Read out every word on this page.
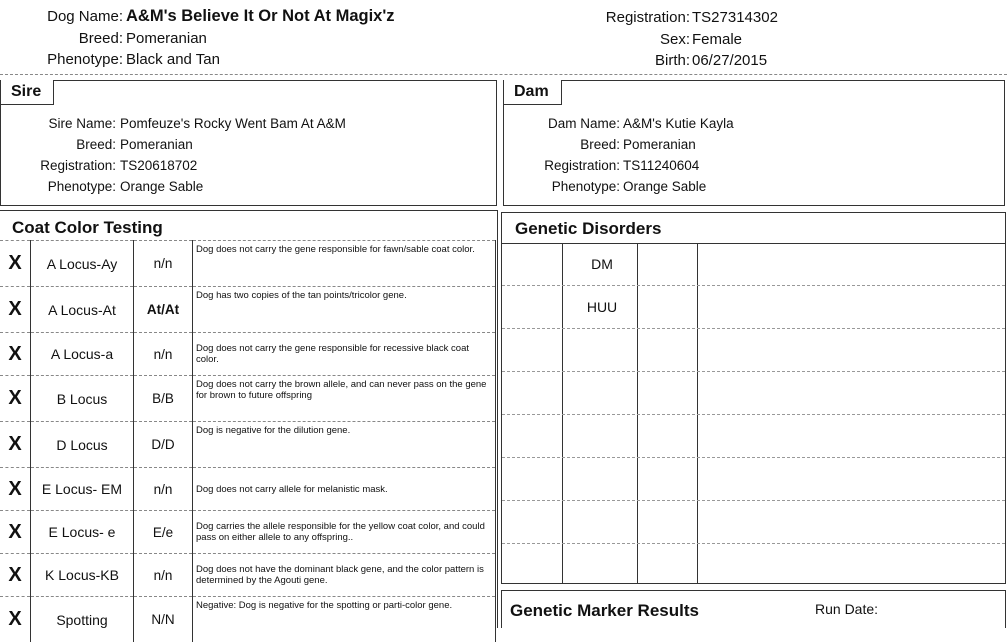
Dog Name: A&M's Believe It Or Not At Magix'z
Breed: Pomeranian
Phenotype: Black and Tan
Registration: TS27314302
Sex: Female
Birth: 06/27/2015
Sire
Sire Name: Pomfeuze's Rocky Went Bam At A&M
Breed: Pomeranian
Registration: TS20618702
Phenotype: Orange Sable
Dam
Dam Name: A&M's Kutie Kayla
Breed: Pomeranian
Registration: TS11240604
Phenotype: Orange Sable
Coat Color Testing
X	A Locus-Ay	n/n	Dog does not carry the gene responsible for fawn/sable coat color.
X	A Locus-At	At/At	Dog has two copies of the tan points/tricolor gene.
X	A Locus-a	n/n	Dog does not carry the gene responsible for recessive black coat color.
X	B Locus	B/B	Dog does not carry the brown allele, and can never pass on the gene for brown to future offspring
X	D Locus	D/D	Dog is negative for the dilution gene.
X	E Locus- EM	n/n	Dog does not carry allele for melanistic mask.
X	E Locus- e	E/e	Dog carries the allele responsible for the yellow coat color, and could pass on either allele to any offspring..
X	K Locus-KB	n/n	Dog does not have the dominant black gene, and the color pattern is determined by the Agouti gene.
X	Spotting	N/N	Negative: Dog is negative for the spotting or parti-color gene.
Genetic Disorders
DM
HUU
Genetic Marker Results	Run Date:
